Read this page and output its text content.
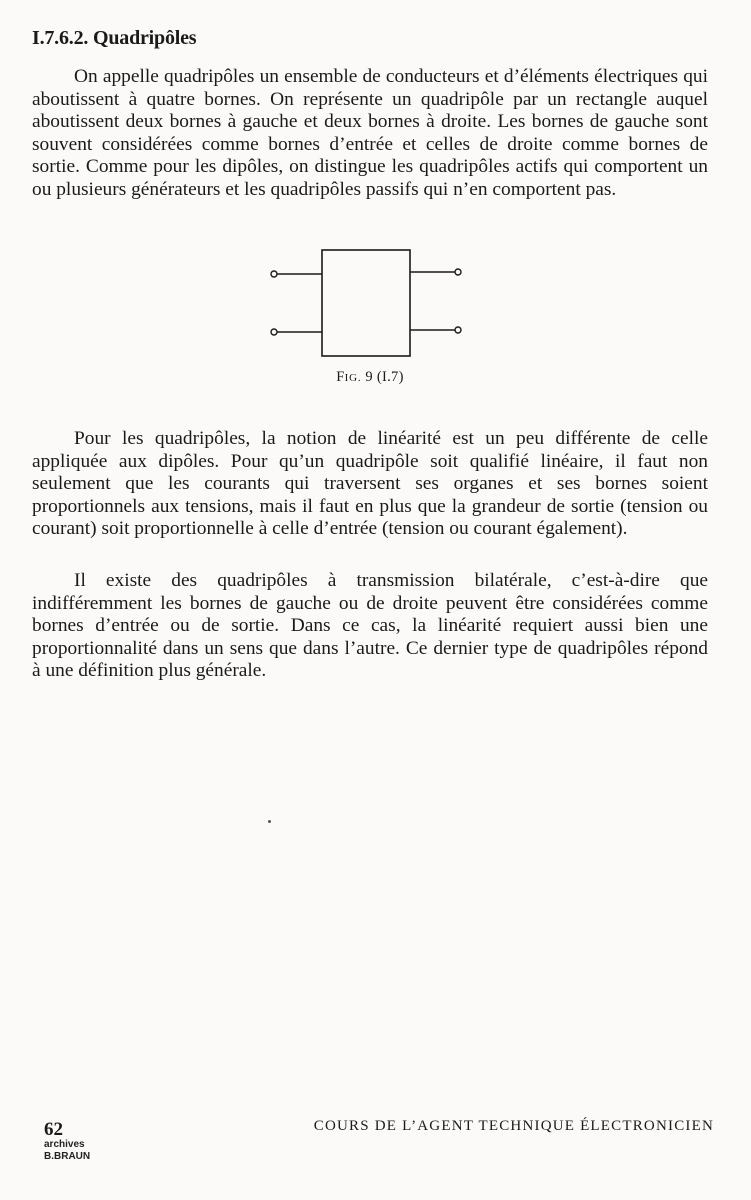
I.7.6.2. Quadripôles

On appelle quadripôles un ensemble de conducteurs et d’éléments électriques qui aboutissent à quatre bornes. On représente un quadripôle par un rectangle auquel aboutissent deux bornes à gauche et deux bornes à droite. Les bornes de gauche sont souvent considérées comme bornes d’entrée et celles de droite comme bornes de sortie. Comme pour les dipôles, on distingue les quadripôles actifs qui comportent un ou plusieurs générateurs et les quadripôles passifs qui n’en comportent pas.

FIG. 9 (I.7)

Pour les quadripôles, la notion de linéarité est un peu différente de celle appliquée aux dipôles. Pour qu’un quadripôle soit qualifié linéaire, il faut non seulement que les courants qui traversent ses organes et ses bornes soient proportionnels aux tensions, mais il faut en plus que la grandeur de sortie (tension ou courant) soit proportionnelle à celle d’entrée (tension ou courant également).

Il existe des quadripôles à transmission bilatérale, c’est-à-dire que indifféremment les bornes de gauche ou de droite peuvent être considérées comme bornes d’entrée ou de sortie. Dans ce cas, la linéarité requiert aussi bien une proportionnalité dans un sens que dans l’autre. Ce dernier type de quadripôles répond à une définition plus générale.

62
archives
B.BRAUN
COURS DE L’AGENT TECHNIQUE ÉLECTRONICIEN
